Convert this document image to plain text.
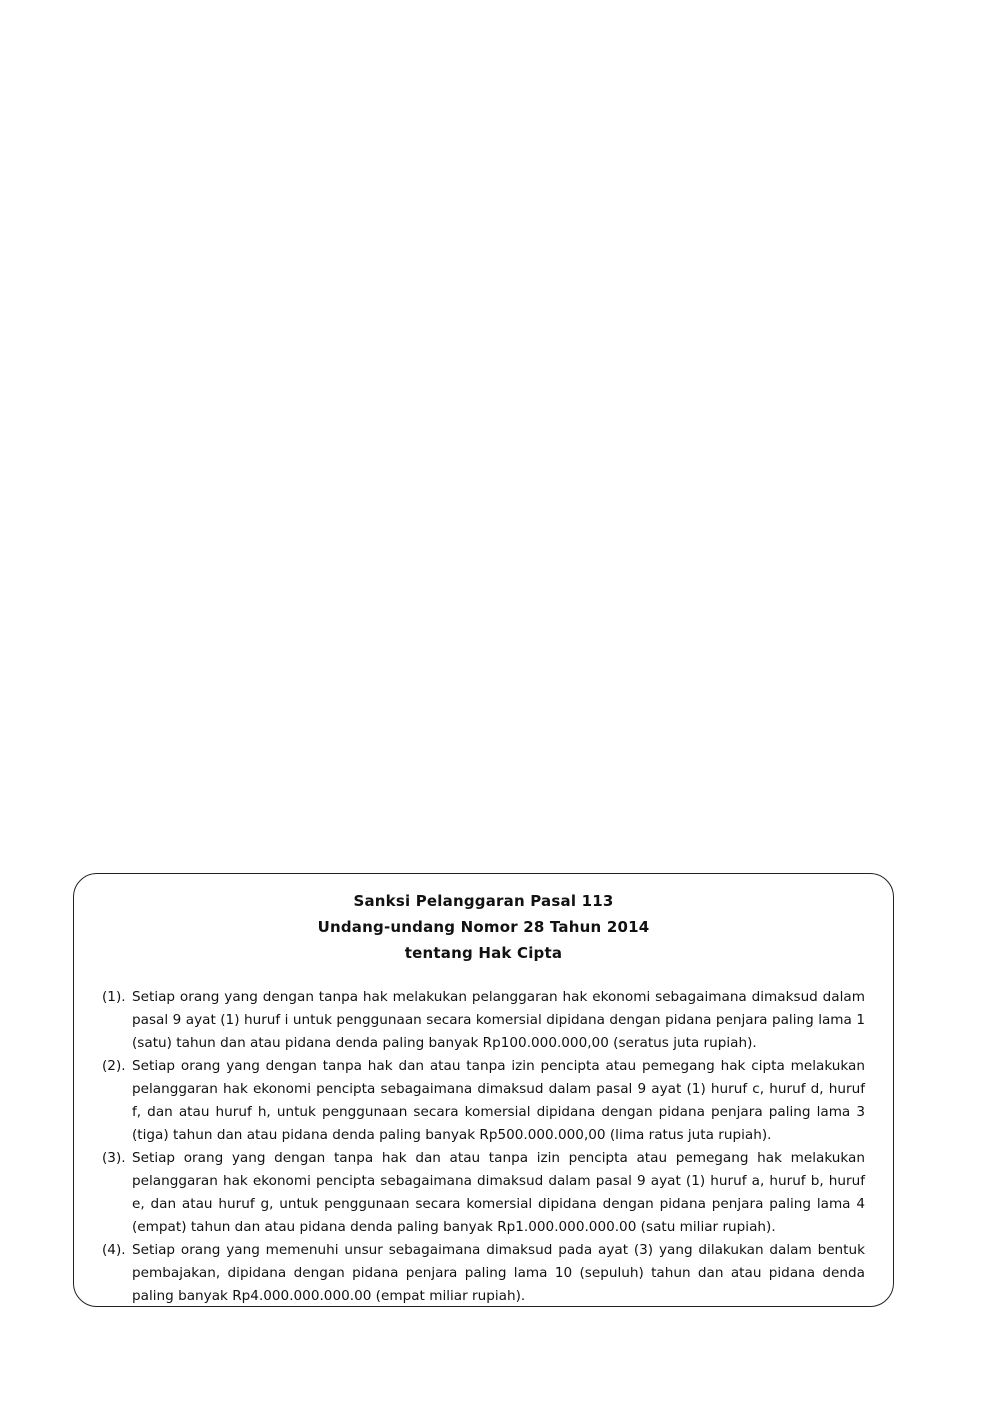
Sanksi Pelanggaran Pasal 113
Undang-undang Nomor 28 Tahun 2014
tentang Hak Cipta
(1). Setiap orang yang dengan tanpa hak melakukan pelanggaran hak ekonomi sebagaimana dimaksud dalam pasal 9 ayat (1) huruf i untuk penggunaan secara komersial dipidana dengan pidana penjara paling lama 1 (satu) tahun dan atau pidana denda paling banyak Rp100.000.000,00 (seratus juta rupiah).
(2). Setiap orang yang dengan tanpa hak dan atau tanpa izin pencipta atau pemegang hak cipta melakukan pelanggaran hak ekonomi pencipta sebagaimana dimaksud dalam pasal 9 ayat (1) huruf c, huruf d, huruf f, dan atau huruf h, untuk penggunaan secara komersial dipidana dengan pidana penjara paling lama 3 (tiga) tahun dan atau pidana denda paling banyak Rp500.000.000,00 (lima ratus juta rupiah).
(3). Setiap orang yang dengan tanpa hak dan atau tanpa izin pencipta atau pemegang hak melakukan pelanggaran hak ekonomi pencipta sebagaimana dimaksud dalam pasal 9 ayat (1) huruf a, huruf b, huruf e, dan atau huruf g, untuk penggunaan secara komersial dipidana dengan pidana penjara paling lama 4 (empat) tahun dan atau pidana denda paling banyak Rp1.000.000.000.00 (satu miliar rupiah).
(4). Setiap orang yang memenuhi unsur sebagaimana dimaksud pada ayat (3) yang dilakukan dalam bentuk pembajakan, dipidana dengan pidana penjara paling lama 10 (sepuluh) tahun dan atau pidana denda paling banyak Rp4.000.000.000.00 (empat miliar rupiah).
